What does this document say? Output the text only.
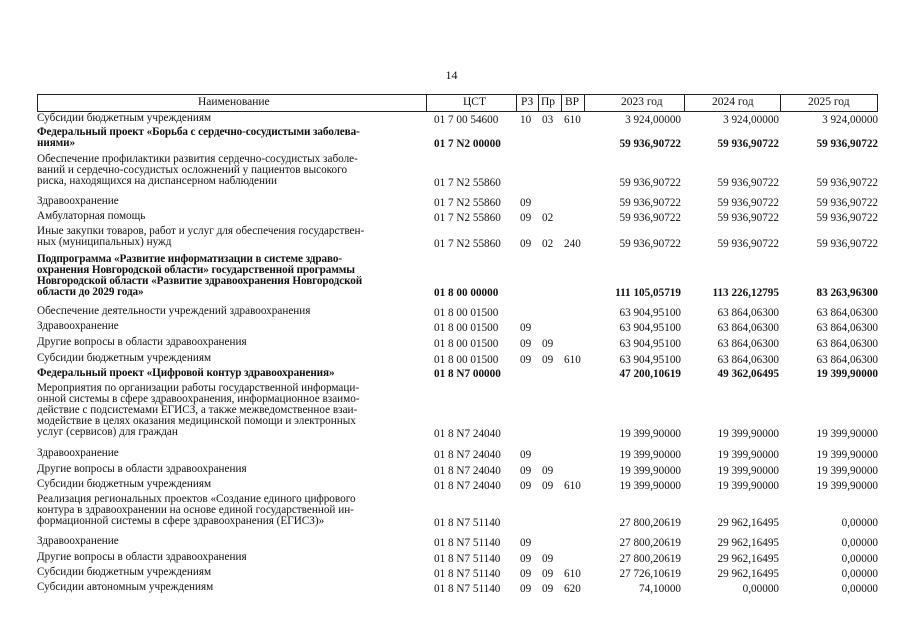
14
Наименование	ЦСТ	РЗ Пр ВР	2023 год	2024 год	2025 год
Субсидии бюджетным учреждениям	01 7 00 54600 10 03 610	3 924,00000	3 924,00000	3 924,00000
Федеральный проект «Борьба с сердечно-сосудистыми заболева-
ниями»	01 7 N2 00000	59 936,90722	59 936,90722	59 936,90722
Обеспечение профилактики развития сердечно-сосудистых заболе-
ваний и сердечно-сосудистых осложнений у пациентов высокого
риска, находящихся на диспансерном наблюдении	01 7 N2 55860	59 936,90722	59 936,90722	59 936,90722
Здравоохранение	01 7 N2 55860 09	59 936,90722	59 936,90722	59 936,90722
Амбулаторная помощь	01 7 N2 55860 09 02	59 936,90722	59 936,90722	59 936,90722
Иные закупки товаров, работ и услуг для обеспечения государствен-
ных (муниципальных) нужд	01 7 N2 55860 09 02 240	59 936,90722	59 936,90722	59 936,90722
Подпрограмма «Развитие информатизации в системе здраво-
охранения Новгородской области» государственной программы
Новгородской области «Развитие здравоохранения Новгородской
области до 2029 года»	01 8 00 00000	111 105,05719	113 226,12795	83 263,96300
Обеспечение деятельности учреждений здравоохранения	01 8 00 01500	63 904,95100	63 864,06300	63 864,06300
Здравоохранение	01 8 00 01500 09	63 904,95100	63 864,06300	63 864,06300
Другие вопросы в области здравоохранения	01 8 00 01500 09 09	63 904,95100	63 864,06300	63 864,06300
Субсидии бюджетным учреждениям	01 8 00 01500 09 09 610	63 904,95100	63 864,06300	63 864,06300
Федеральный проект «Цифровой контур здравоохранения»	01 8 N7 00000	47 200,10619	49 362,06495	19 399,90000
Мероприятия по организации работы государственной информаци-
онной системы в сфере здравоохранения, информационное взаимо-
действие с подсистемами ЕГИСЗ, а также межведомственное взаи-
модействие в целях оказания медицинской помощи и электронных
услуг (сервисов) для граждан	01 8 N7 24040	19 399,90000	19 399,90000	19 399,90000
Здравоохранение	01 8 N7 24040 09	19 399,90000	19 399,90000	19 399,90000
Другие вопросы в области здравоохранения	01 8 N7 24040 09 09	19 399,90000	19 399,90000	19 399,90000
Субсидии бюджетным учреждениям	01 8 N7 24040 09 09 610	19 399,90000	19 399,90000	19 399,90000
Реализация региональных проектов «Создание единого цифрового
контура в здравоохранении на основе единой государственной ин-
формационной системы в сфере здравоохранения (ЕГИСЗ)»	01 8 N7 51140	27 800,20619	29 962,16495	0,00000
Здравоохранение	01 8 N7 51140 09	27 800,20619	29 962,16495	0,00000
Другие вопросы в области здравоохранения	01 8 N7 51140 09 09	27 800,20619	29 962,16495	0,00000
Субсидии бюджетным учреждениям	01 8 N7 51140 09 09 610	27 726,10619	29 962,16495	0,00000
Субсидии автономным учреждениям	01 8 N7 51140 09 09 620	74,10000	0,00000	0,00000
